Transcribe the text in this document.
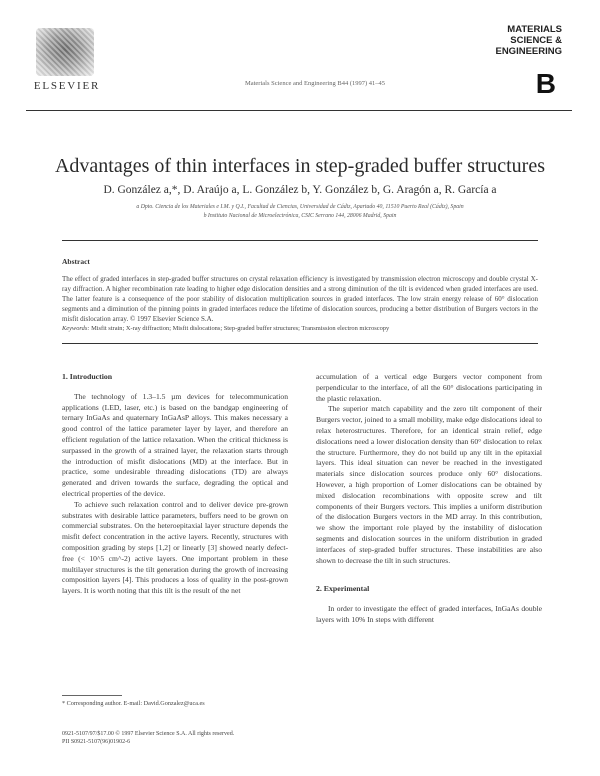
ELSEVIER	Materials Science and Engineering B44 (1997) 41–45
MATERIALS
SCIENCE &
ENGINEERING
B
Advantages of thin interfaces in step-graded buffer structures
D. González a,*, D. Araújo a, L. González b, Y. González b, G. Aragón a, R. García a
a Dpto. Ciencia de los Materiales e I.M. y Q.I., Facultad de Ciencias, Universidad de Cádiz, Apartado 40, 11510 Puerto Real (Cádiz), Spain
b Instituto Nacional de Microelectrónica, CSIC Serrano 144, 28006 Madrid, Spain
Abstract
The effect of graded interfaces in step-graded buffer structures on crystal relaxation efficiency is investigated by transmission electron microscopy and double crystal X-ray diffraction. A higher recombination rate leading to higher edge dislocation densities and a strong diminution of the tilt is evidenced when graded interfaces are used. The latter feature is a consequence of the poor stability of dislocation multiplication sources in graded interfaces. The low strain energy release of 60° dislocation segments and a diminution of the pinning points in graded interfaces reduce the lifetime of dislocation sources, producing a better distribution of Burgers vectors in the misfit dislocation array. © 1997 Elsevier Science S.A.
Keywords: Misfit strain; X-ray diffraction; Misfit dislocations; Step-graded buffer structures; Transmission electron microscopy
1. Introduction

The technology of 1.3–1.5 µm devices for telecommunication applications (LED, laser, etc.) is based on the bandgap engineering of ternary InGaAs and quaternary InGaAsP alloys. This makes necessary a good control of the lattice parameter layer by layer, and therefore an efficient regulation of the lattice relaxation. When the critical thickness is surpassed in the growth of a strained layer, the relaxation starts through the introduction of misfit dislocations (MD) at the interface. But in practice, some undesirable threading dislocations (TD) are always generated and driven towards the surface, degrading the optical and electrical properties of the device.

To achieve such relaxation control and to deliver device pre-grown substrates with desirable lattice parameters, buffers need to be grown on commercial substrates. On the heteroepitaxial layer structure depends the misfit defect concentration in the active layers. Recently, structures with composition grading by steps [1,2] or linearly [3] showed nearly defect-free (< 10^5 cm^-2) active layers. One important problem in these multilayer structures is the tilt generation during the growth of increasing composition layers [4]. This produces a loss of quality in the post-grown layers. It is worth noting that this tilt is the result of the net

* Corresponding author. E-mail: David.Gonzalez@uca.es
0921-5107/97/$17.00 © 1997 Elsevier Science S.A. All rights reserved.
PII S0921-5107(96)01902-6

accumulation of a vertical edge Burgers vector component from perpendicular to the interface, of all the 60° dislocations participating in the plastic relaxation.

The superior match capability and the zero tilt component of their Burgers vector, joined to a small mobility, make edge dislocations ideal to relax heterostructures. Therefore, for an identical strain relief, edge dislocations need a lower dislocation density than 60° dislocation to relax the structure. Furthermore, they do not build up any tilt in the epitaxial layers. This ideal situation can never be reached in the investigated materials since dislocation sources produce only 60° dislocations. However, a high proportion of Lomer dislocations can be obtained by mixed dislocation recombinations with opposite screw and tilt components of their Burgers vectors. This implies a uniform distribution of the dislocation Burgers vectors in the MD array. In this contribution, we show the important role played by the instability of dislocation segments and dislocation sources in the uniform distribution in graded interfaces of step-graded buffer structures. These instabilities are also shown to decrease the tilt in such structures.

2. Experimental

In order to investigate the effect of graded interfaces, InGaAs double layers with 10% In steps with different
